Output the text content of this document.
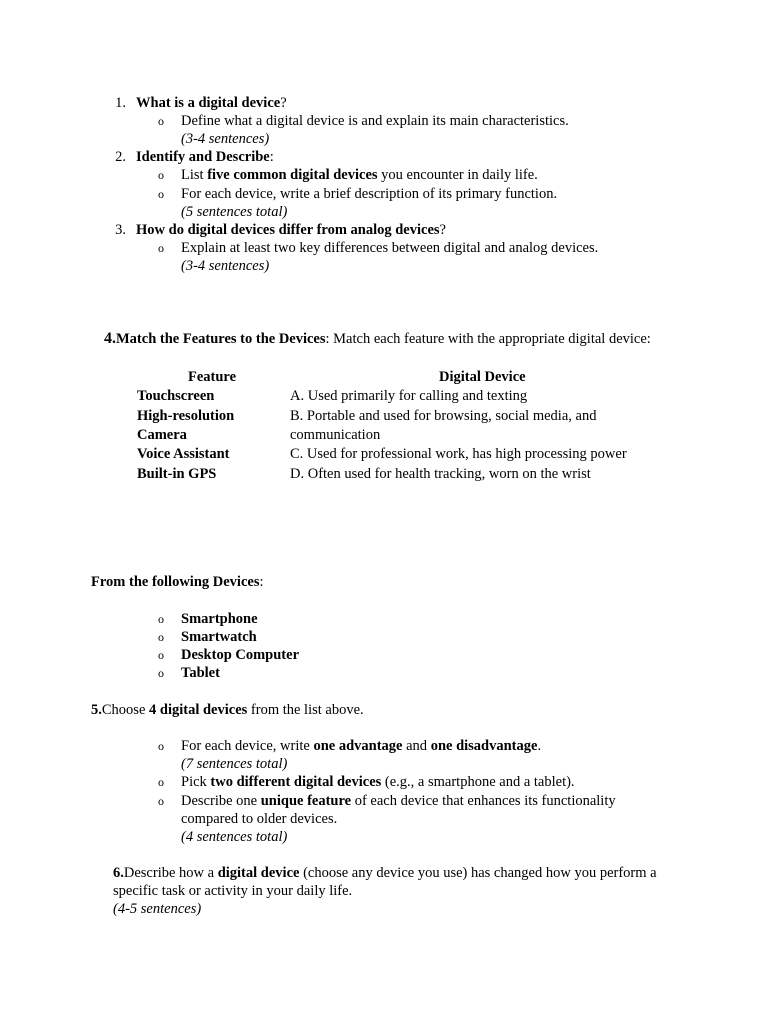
1. What is a digital device?
o Define what a digital device is and explain its main characteristics.
(3-4 sentences)
2. Identify and Describe:
o List five common digital devices you encounter in daily life.
o For each device, write a brief description of its primary function.
(5 sentences total)
3. How do digital devices differ from analog devices?
o Explain at least two key differences between digital and analog devices.
(3-4 sentences)
4.Match the Features to the Devices: Match each feature with the appropriate digital device:
Feature	Digital Device
Touchscreen
High-resolution
Camera
Voice Assistant
Built-in GPS
A. Used primarily for calling and texting
B. Portable and used for browsing, social media, and
communication
C. Used for professional work, has high processing power
D. Often used for health tracking, worn on the wrist
From the following Devices:
o Smartphone
o Smartwatch
o Desktop Computer
o Tablet
5.Choose 4 digital devices from the list above.
o For each device, write one advantage and one disadvantage.
(7 sentences total)
o Pick two different digital devices (e.g., a smartphone and a tablet).
o Describe one unique feature of each device that enhances its functionality
compared to older devices.
(4 sentences total)
6.Describe how a digital device (choose any device you use) has changed how you perform a
specific task or activity in your daily life.
(4-5 sentences)
